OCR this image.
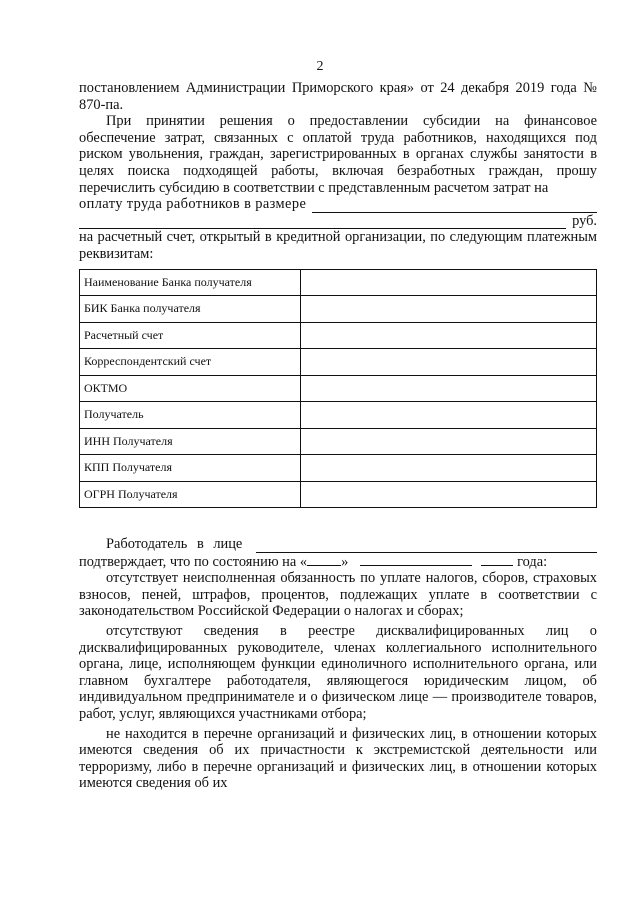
2

постановлением Администрации Приморского края» от 24 декабря 2019 года № 870-па.

При принятии решения о предоставлении субсидии на финансовое обеспечение затрат, связанных с оплатой труда работников, находящихся под риском увольнения, граждан, зарегистрированных в органах службы занятости в целях поиска подходящей работы, включая безработных граждан, прошу перечислить субсидию в соответствии с представленным расчетом затрат на

оплату труда работников в размере
руб.

на расчетный счет, открытый в кредитной организации, по следующим платежным реквизитам:

Наименование Банка получателя	
БИК Банка получателя	
Расчетный счет	
Корреспондентский счет	
ОКТМО	
Получатель	
ИНН Получателя	
КПП Получателя	
ОГРН Получателя	
Работодатель в лице
подтверждает, что по состоянию на « »	года:

отсутствует неисполненная обязанность по уплате налогов, сборов, страховых взносов, пеней, штрафов, процентов, подлежащих уплате в соответствии с законодательством Российской Федерации о налогах и сборах;

отсутствуют сведения в реестре дисквалифицированных лиц о дисквалифицированных руководителе, членах коллегиального исполнительного органа, лице, исполняющем функции единоличного исполнительного органа, или главном бухгалтере работодателя, являющегося юридическим лицом, об индивидуальном предпринимателе и о физическом лице — производителе товаров, работ, услуг, являющихся участниками отбора;

не находится в перечне организаций и физических лиц, в отношении которых имеются сведения об их причастности к экстремистской деятельности или терроризму, либо в перечне организаций и физических лиц, в отношении которых имеются сведения об их
